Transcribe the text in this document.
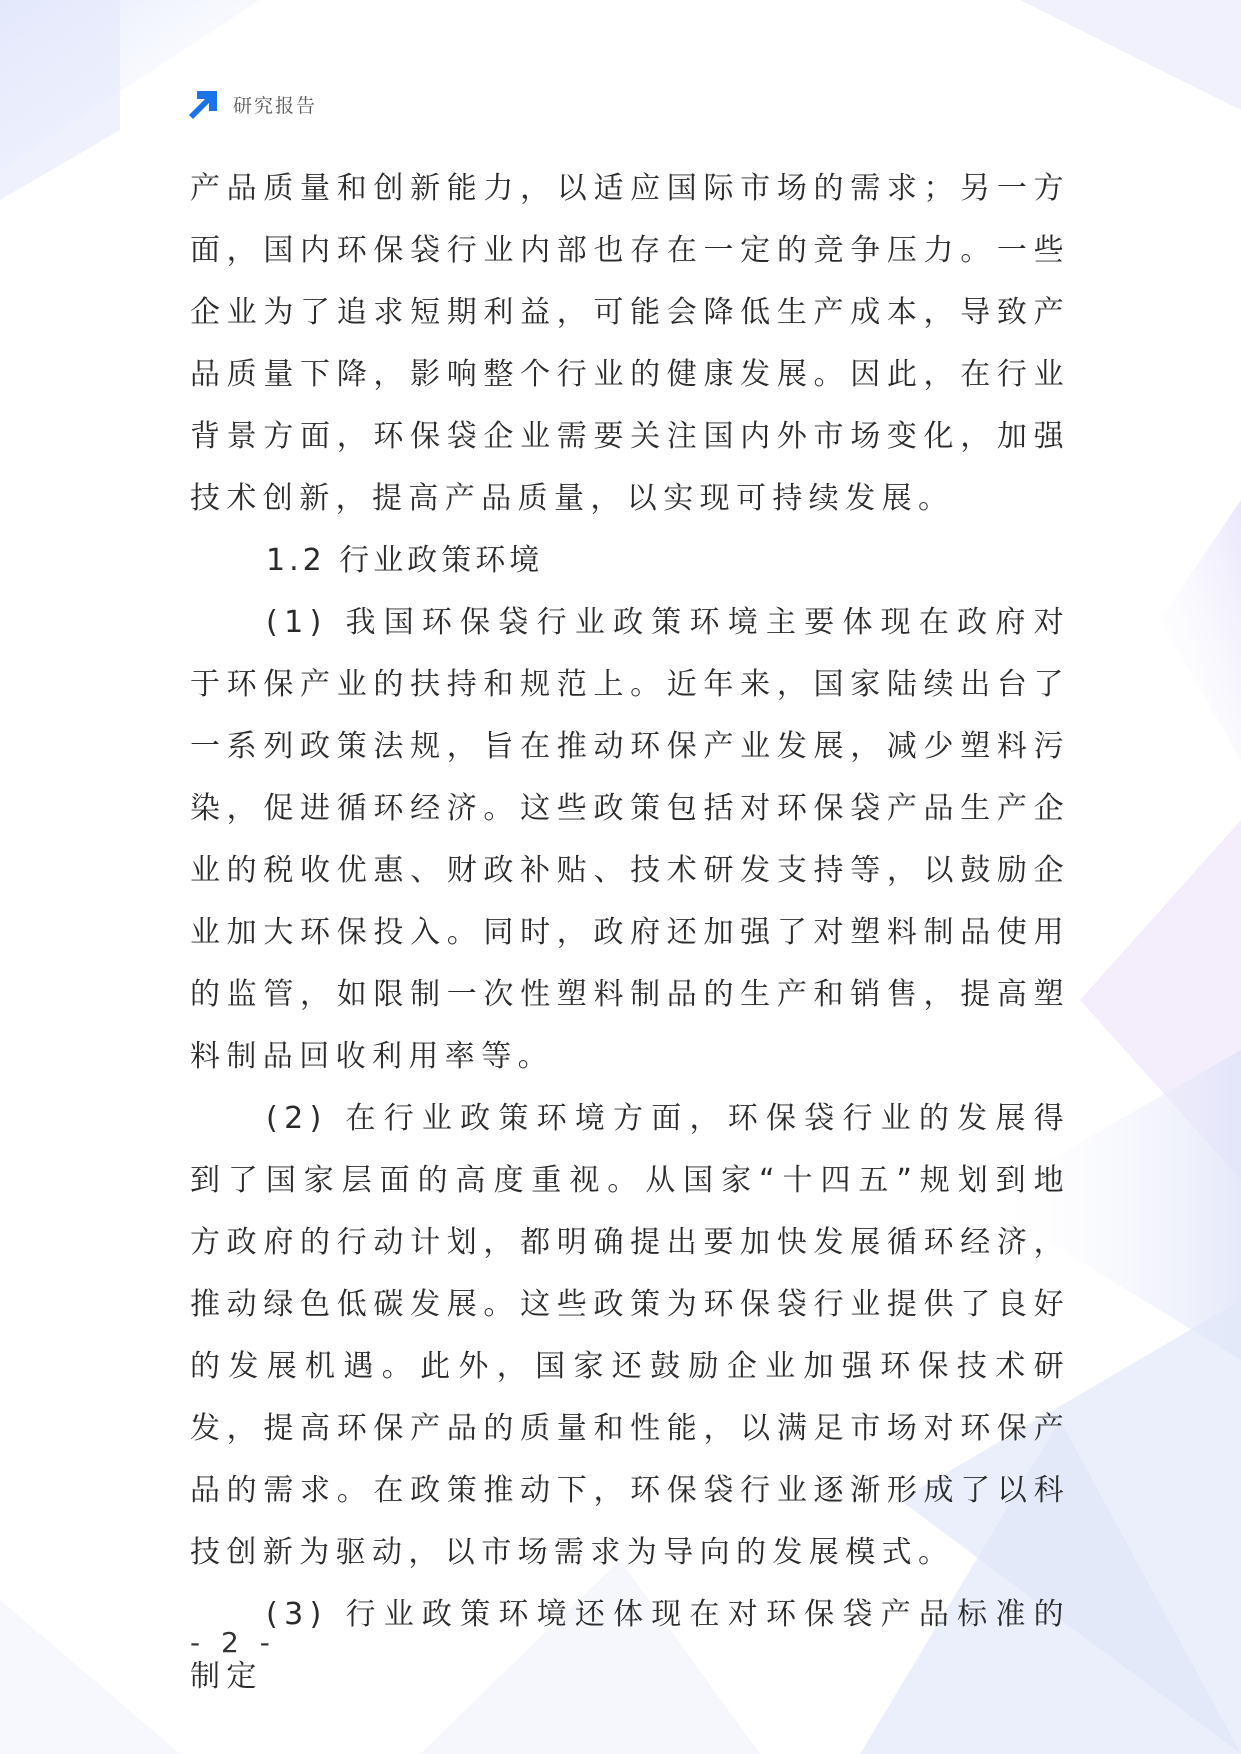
研究报告

产品质量和创新能力，以适应国际市场的需求；另一方面，国内环保袋行业内部也存在一定的竞争压力。一些企业为了追求短期利益，可能会降低生产成本，导致产品质量下降，影响整个行业的健康发展。因此，在行业背景方面，环保袋企业需要关注国内外市场变化，加强技术创新，提高产品质量，以实现可持续发展。

1.2 行业政策环境

(1) 我国环保袋行业政策环境主要体现在政府对于环保产业的扶持和规范上。近年来，国家陆续出台了一系列政策法规，旨在推动环保产业发展，减少塑料污染，促进循环经济。这些政策包括对环保袋产品生产企业的税收优惠、财政补贴、技术研发支持等，以鼓励企业加大环保投入。同时，政府还加强了对塑料制品使用的监管，如限制一次性塑料制品的生产和销售，提高塑料制品回收利用率等。

(2) 在行业政策环境方面，环保袋行业的发展得到了国家层面的高度重视。从国家“十四五”规划到地方政府的行动计划，都明确提出要加快发展循环经济，推动绿色低碳发展。这些政策为环保袋行业提供了良好的发展机遇。此外，国家还鼓励企业加强环保技术研发，提高环保产品的质量和性能，以满足市场对环保产品的需求。在政策推动下，环保袋行业逐渐形成了以科技创新为驱动，以市场需求为导向的发展模式。

(3) 行业政策环境还体现在对环保袋产品标准的制定

- 2 -
